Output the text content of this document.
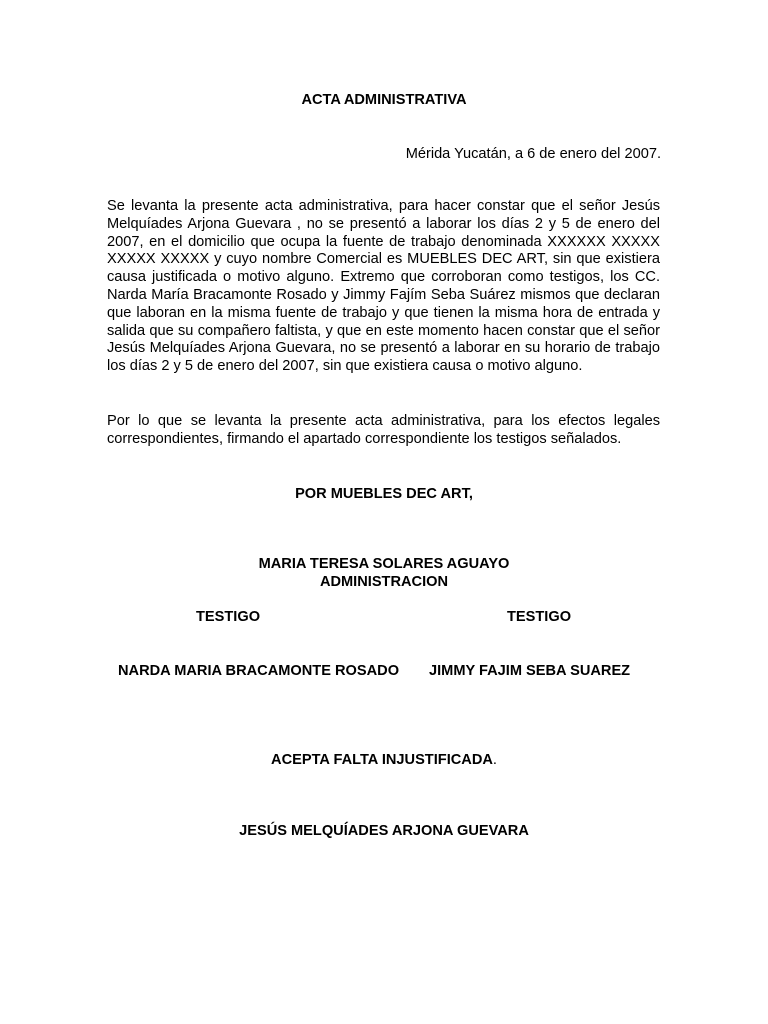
ACTA ADMINISTRATIVA
Mérida Yucatán, a 6 de enero del 2007.

Se levanta la presente acta administrativa, para hacer constar que el señor Jesús Melquíades Arjona Guevara , no se presentó a laborar los días 2 y 5 de enero del 2007, en el domicilio que ocupa la fuente de trabajo denominada XXXXXX XXXXX XXXXX XXXXX y cuyo nombre Comercial es MUEBLES DEC ART, sin que existiera causa justificada o motivo alguno. Extremo que corroboran como testigos, los CC. Narda María Bracamonte Rosado y Jimmy Fajím Seba Suárez mismos que declaran que laboran en la misma fuente de trabajo y que tienen la misma hora de entrada y salida que su compañero faltista, y que en este momento hacen constar que el señor Jesús Melquíades Arjona Guevara, no se presentó a laborar en su horario de trabajo los días 2 y 5 de enero del 2007, sin que existiera causa o motivo alguno.

Por lo que se levanta la presente acta administrativa, para los efectos legales correspondientes, firmando el apartado correspondiente los testigos señalados.

POR MUEBLES DEC ART,
MARIA TERESA SOLARES AGUAYO
ADMINISTRACION
TESTIGO	TESTIGO
NARDA MARIA BRACAMONTE ROSADO JIMMY FAJIM SEBA SUAREZ
ACEPTA FALTA INJUSTIFICADA.
JESÚS MELQUÍADES ARJONA GUEVARA
